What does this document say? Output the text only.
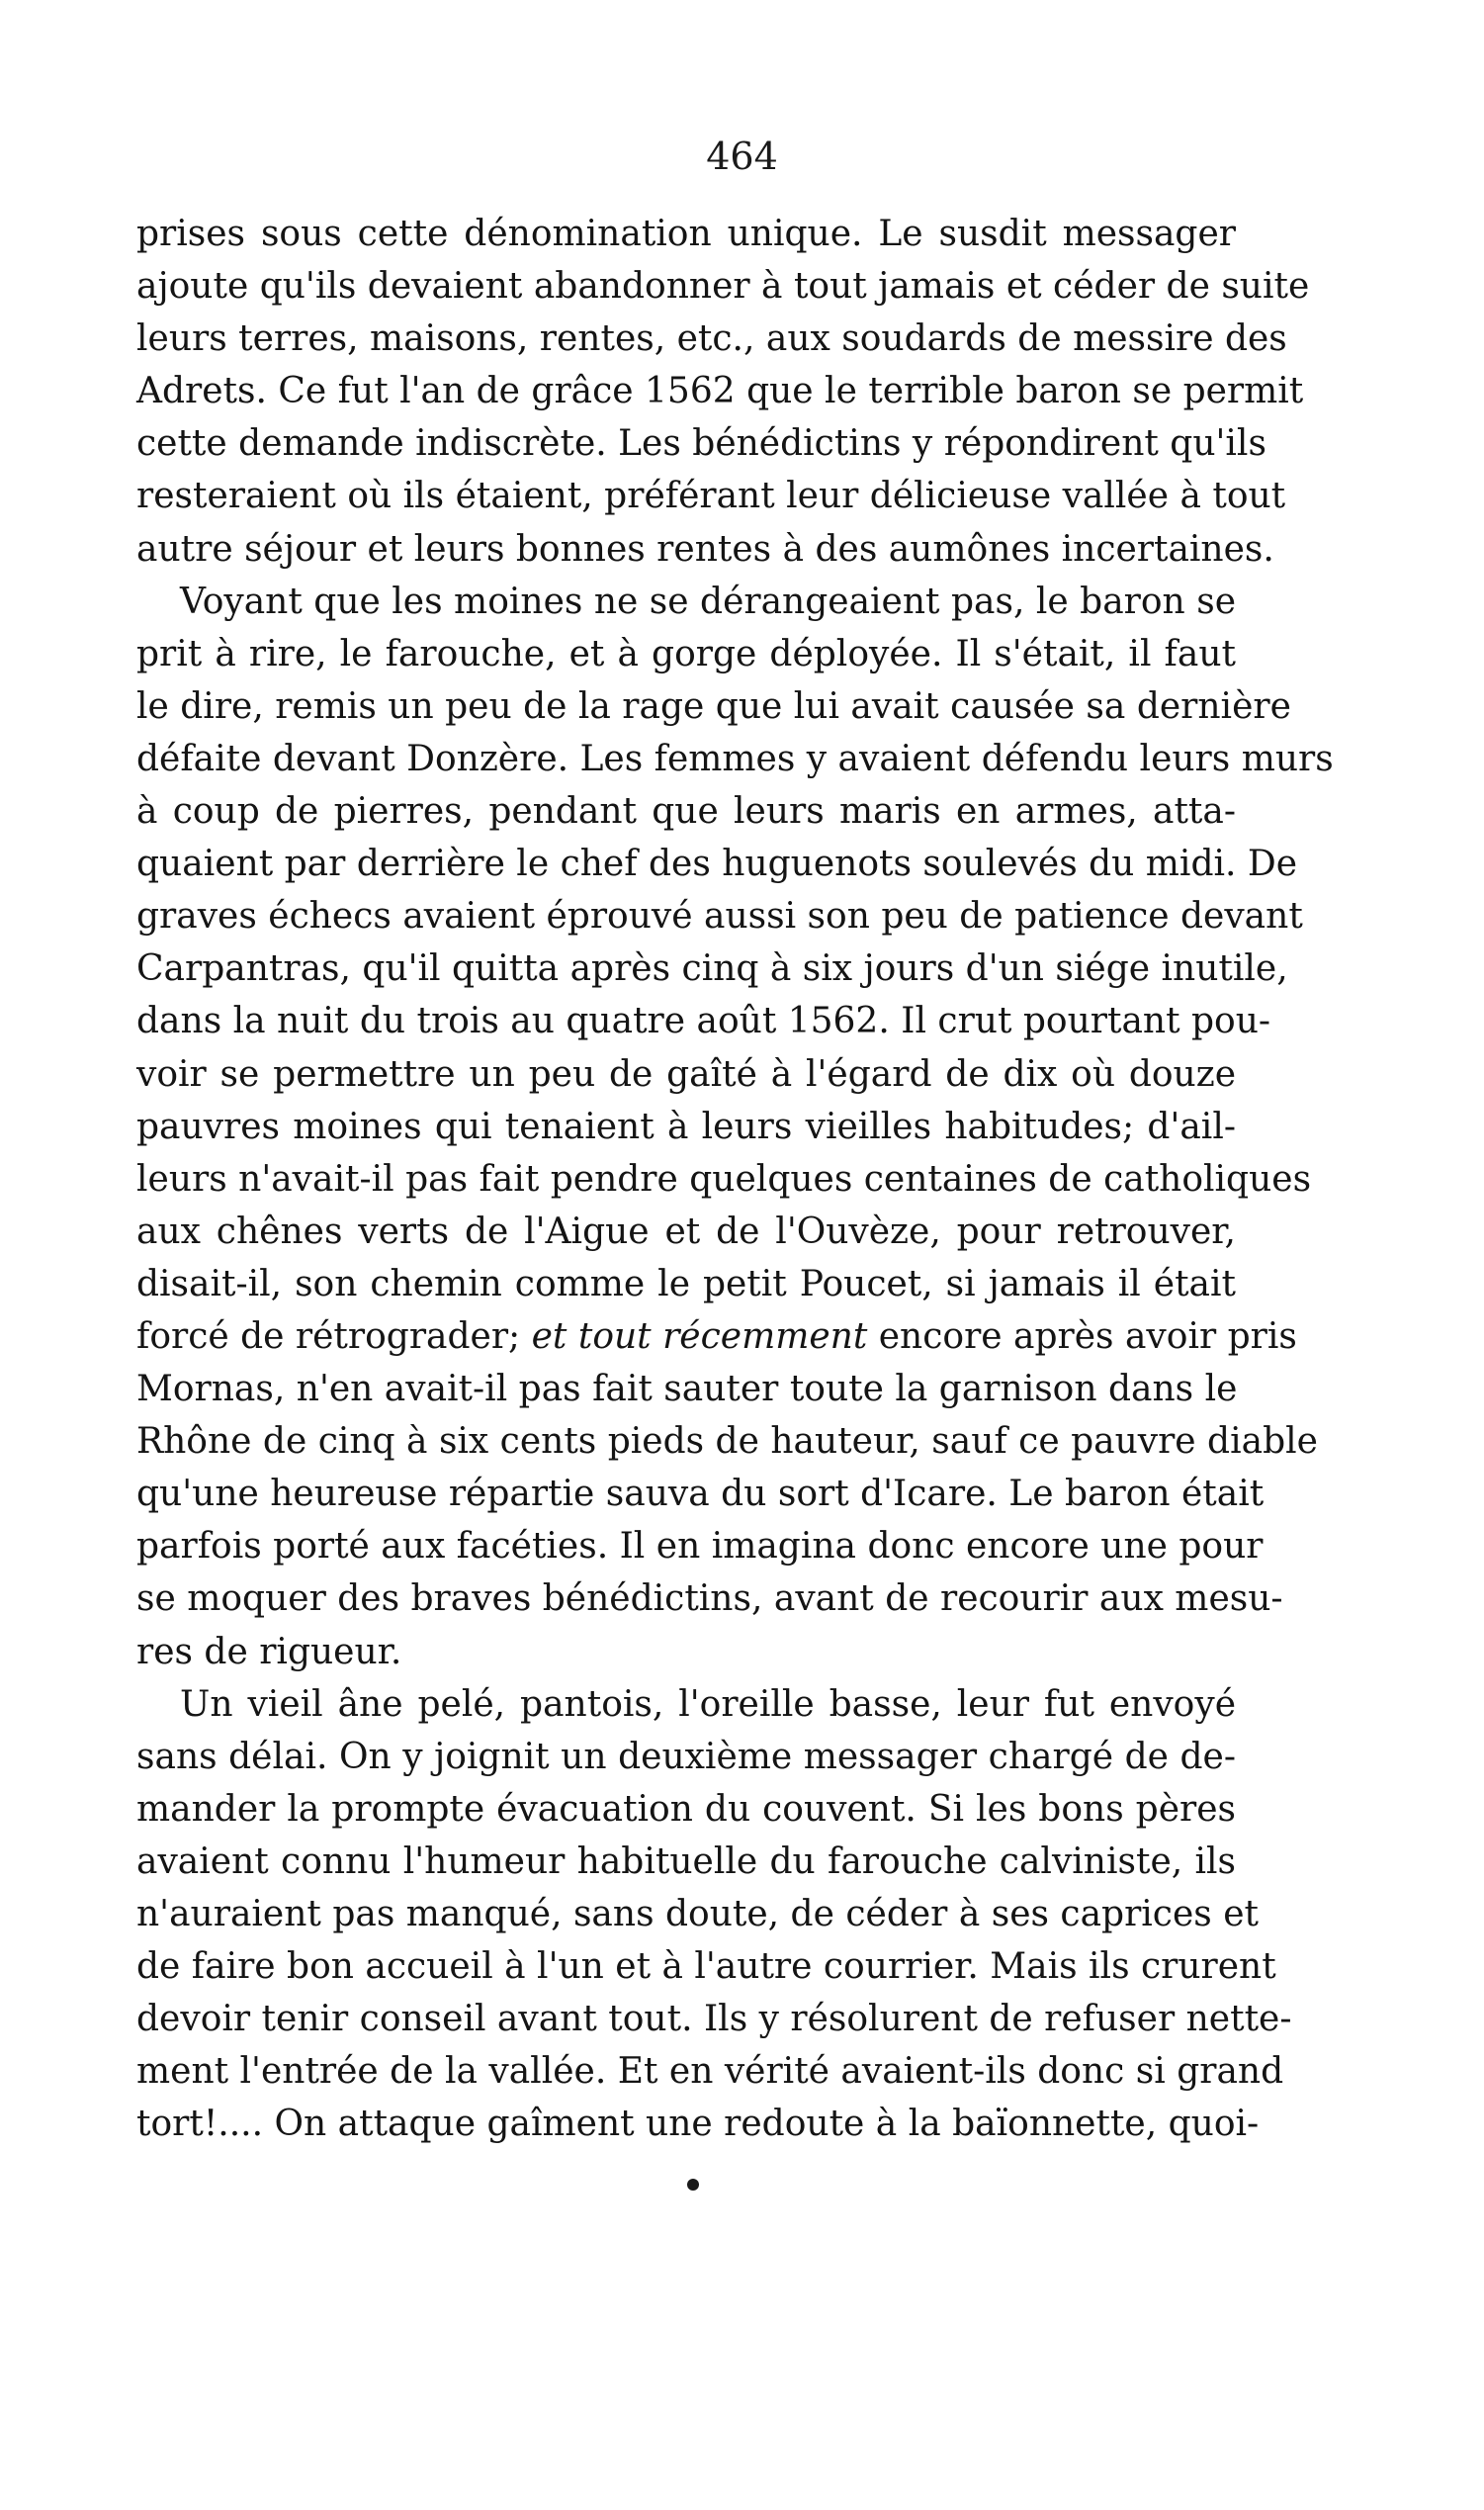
464
prises sous cette dénomination unique. Le susdit messager
ajoute qu'ils devaient abandonner à tout jamais et céder de suite
leurs terres, maisons, rentes, etc., aux soudards de messire des
Adrets. Ce fut l'an de grâce 1562 que le terrible baron se permit
cette demande indiscrète. Les bénédictins y répondirent qu'ils
resteraient où ils étaient, préférant leur délicieuse vallée à tout
autre séjour et leurs bonnes rentes à des aumônes incertaines.
Voyant que les moines ne se dérangeaient pas, le baron se
prit à rire, le farouche, et à gorge déployée. Il s'était, il faut
le dire, remis un peu de la rage que lui avait causée sa dernière
défaite devant Donzère. Les femmes y avaient défendu leurs murs
à coup de pierres, pendant que leurs maris en armes, atta-
quaient par derrière le chef des huguenots soulevés du midi. De
graves échecs avaient éprouvé aussi son peu de patience devant
Carpantras, qu'il quitta après cinq à six jours d'un siége inutile,
dans la nuit du trois au quatre août 1562. Il crut pourtant pou-
voir se permettre un peu de gaîté à l'égard de dix où douze
pauvres moines qui tenaient à leurs vieilles habitudes; d'ail-
leurs n'avait-il pas fait pendre quelques centaines de catholiques
aux chênes verts de l'Aigue et de l'Ouvèze, pour retrouver,
disait-il, son chemin comme le petit Poucet, si jamais il était
forcé de rétrograder; et tout récemment encore après avoir pris
Mornas, n'en avait-il pas fait sauter toute la garnison dans le
Rhône de cinq à six cents pieds de hauteur, sauf ce pauvre diable
qu'une heureuse répartie sauva du sort d'Icare. Le baron était
parfois porté aux facéties. Il en imagina donc encore une pour
se moquer des braves bénédictins, avant de recourir aux mesu-
res de rigueur.
Un vieil âne pelé, pantois, l'oreille basse, leur fut envoyé
sans délai. On y joignit un deuxième messager chargé de de-
mander la prompte évacuation du couvent. Si les bons pères
avaient connu l'humeur habituelle du farouche calviniste, ils
n'auraient pas manqué, sans doute, de céder à ses caprices et
de faire bon accueil à l'un et à l'autre courrier. Mais ils crurent
devoir tenir conseil avant tout. Ils y résolurent de refuser nette-
ment l'entrée de la vallée. Et en vérité avaient-ils donc si grand
tort!.... On attaque gaîment une redoute à la baïonnette, quoi-
